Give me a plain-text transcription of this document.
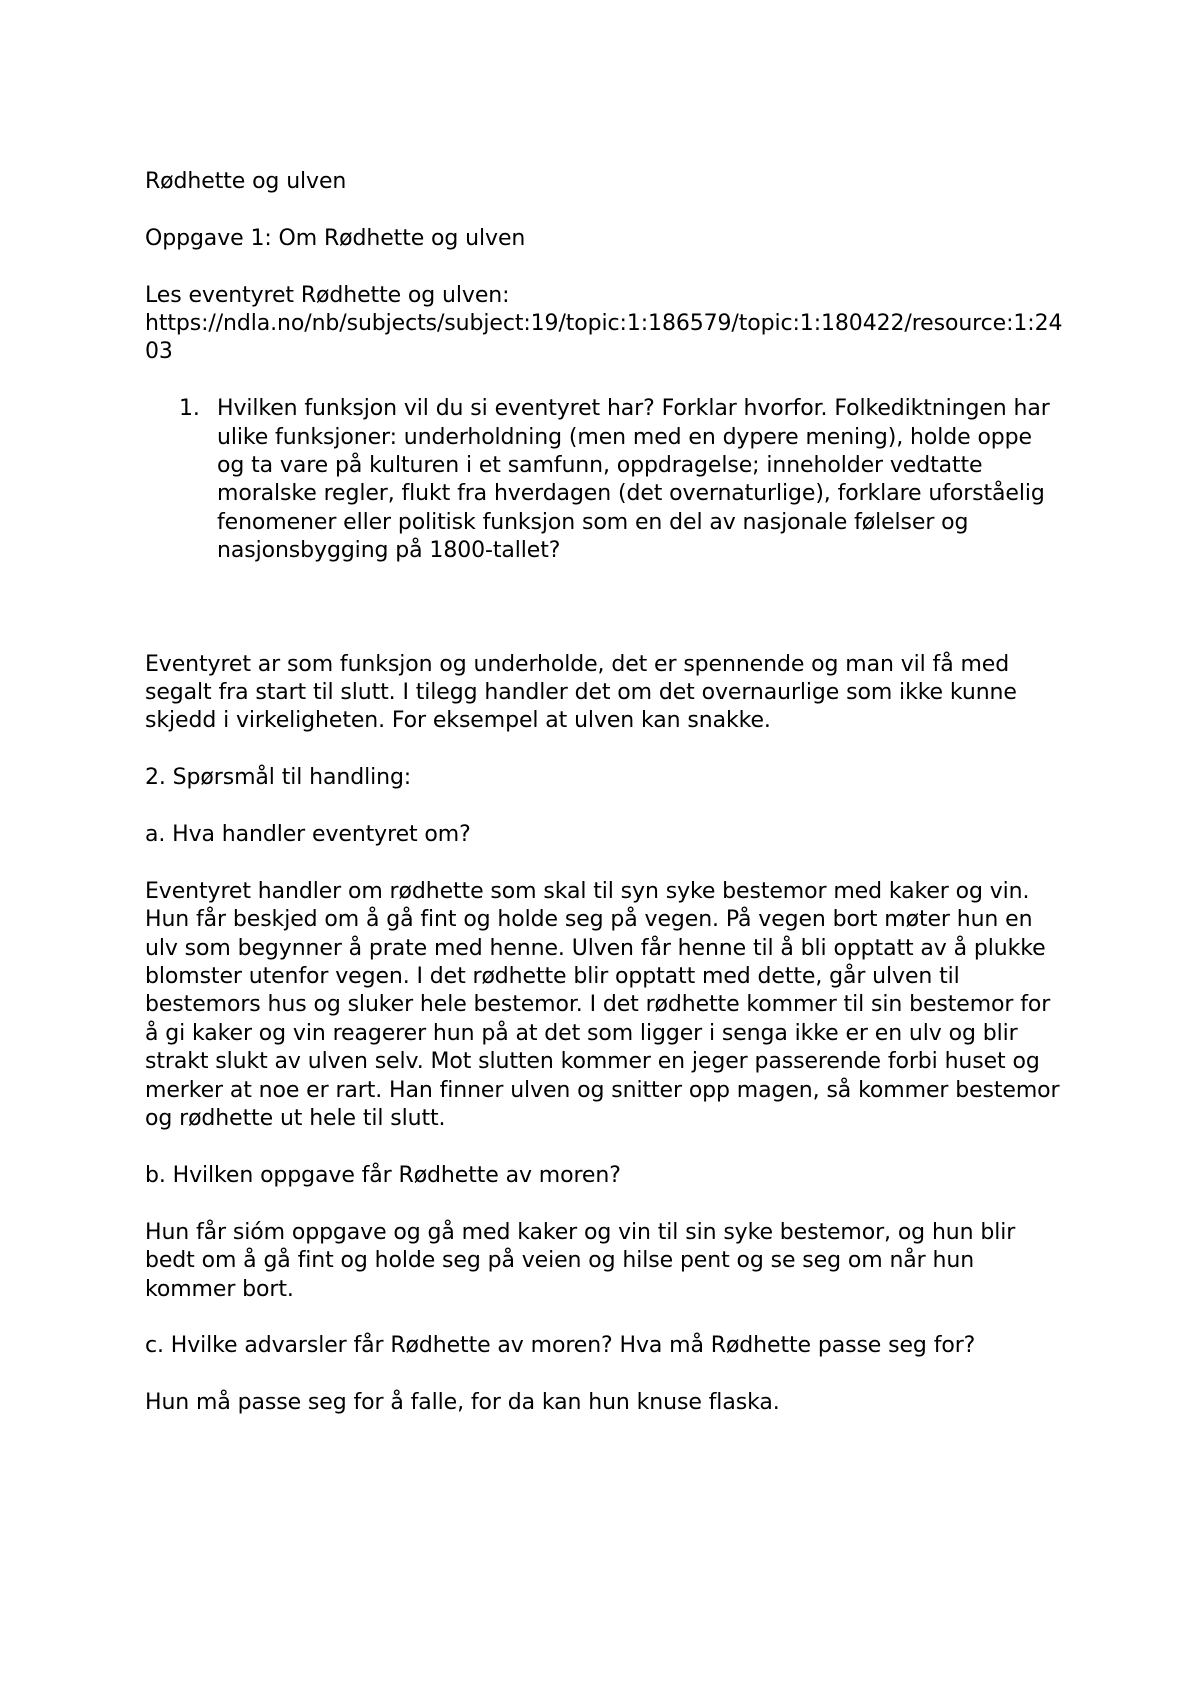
Rødhette og ulven

Oppgave 1: Om Rødhette og ulven

Les eventyret Rødhette og ulven:

https://ndla.no/nb/subjects/subject:19/topic:1:186579/topic:1:180422/resource:1:2403

1. Hvilken funksjon vil du si eventyret har? Forklar hvorfor. Folkediktningen har ulike funksjoner: underholdning (men med en dypere mening), holde oppe og ta vare på kulturen i et samfunn, oppdragelse; inneholder vedtatte moralske regler, flukt fra hverdagen (det overnaturlige), forklare uforståelig fenomener eller politisk funksjon som en del av nasjonale følelser og nasjonsbygging på 1800-tallet?

Eventyret ar som funksjon og underholde, det er spennende og man vil få med segalt fra start til slutt. I tilegg handler det om det overnaurlige som ikke kunne skjedd i virkeligheten. For eksempel at ulven kan snakke.

2. Spørsmål til handling:

a. Hva handler eventyret om?

Eventyret handler om rødhette som skal til syn syke bestemor med kaker og vin. Hun får beskjed om å gå fint og holde seg på vegen. På vegen bort møter hun en ulv som begynner å prate med henne. Ulven får henne til å bli opptatt av å plukke blomster utenfor vegen. I det rødhette blir opptatt med dette, går ulven til bestemors hus og sluker hele bestemor. I det rødhette kommer til sin bestemor for å gi kaker og vin reagerer hun på at det som ligger i senga ikke er en ulv og blir strakt slukt av ulven selv. Mot slutten kommer en jeger passerende forbi huset og merker at noe er rart. Han finner ulven og snitter opp magen, så kommer bestemor og rødhette ut hele til slutt.

b. Hvilken oppgave får Rødhette av moren?

Hun får sióm oppgave og gå med kaker og vin til sin syke bestemor, og hun blir bedt om å gå fint og holde seg på veien og hilse pent og se seg om når hun kommer bort.

c. Hvilke advarsler får Rødhette av moren? Hva må Rødhette passe seg for?

Hun må passe seg for å falle, for da kan hun knuse flaska.
